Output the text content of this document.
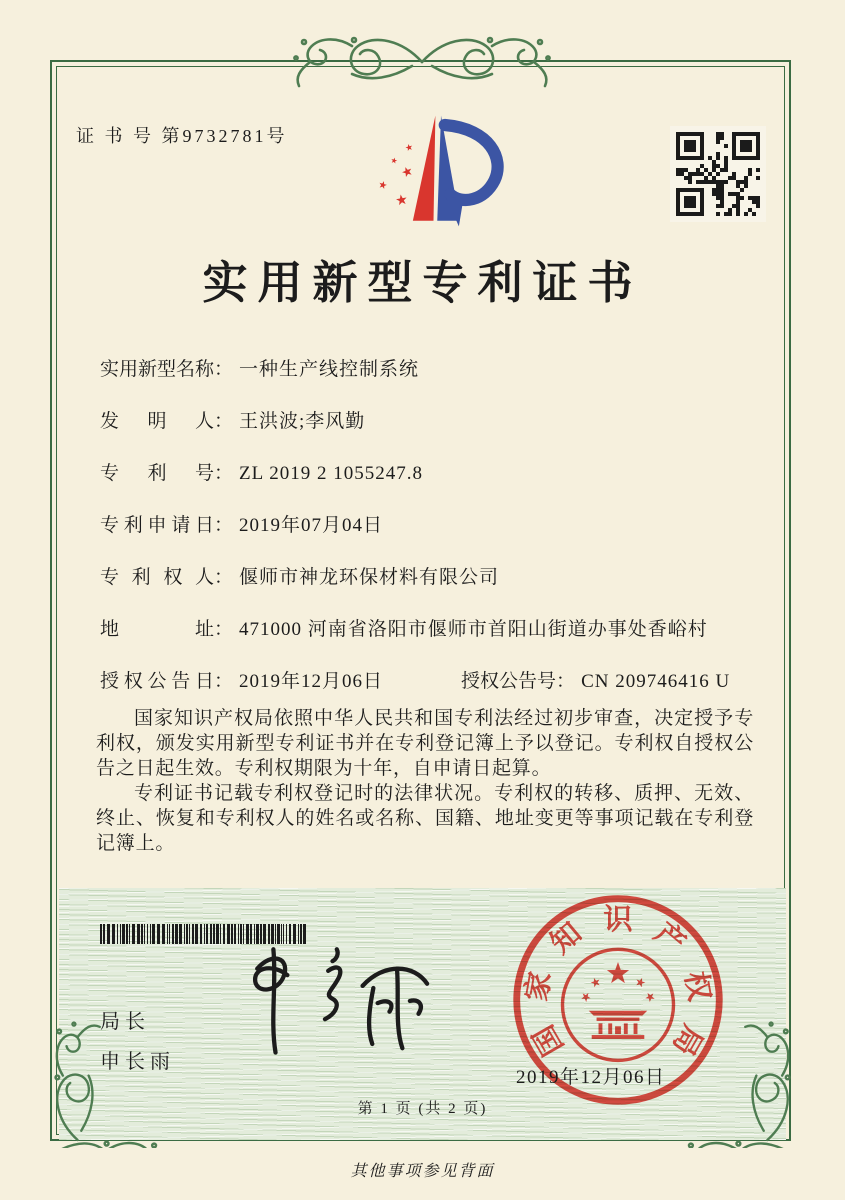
证 书 号 第9732781号
实用新型专利证书
实用新型名称 ： 一种生产线控制系统
发明人 ： 王洪波;李风勤
专利号 ： ZL 2019 2 1055247.8
专利申请日 ： 2019年07月04日
专利权人 ： 偃师市神龙环保材料有限公司
地址 ： 471000 河南省洛阳市偃师市首阳山街道办事处香峪村
授权公告日 ： 2019年12月06日	授权公告号 ： CN 209746416 U

国家知识产权局依照中华人民共和国专利法经过初步审查，决定授予专利权，颁发实用新型专利证书并在专利登记簿上予以登记。专利权自授权公告之日起生效。专利权期限为十年，自申请日起算。

专利证书记载专利权登记时的法律状况。专利权的转移、质押、无效、终止、恢复和专利权人的姓名或名称、国籍、地址变更等事项记载在专利登记簿上。

局长
申长雨
国
家
知 识 产
权
局
2019年12月06日
第 1 页 (共 2 页)
其他事项参见背面
